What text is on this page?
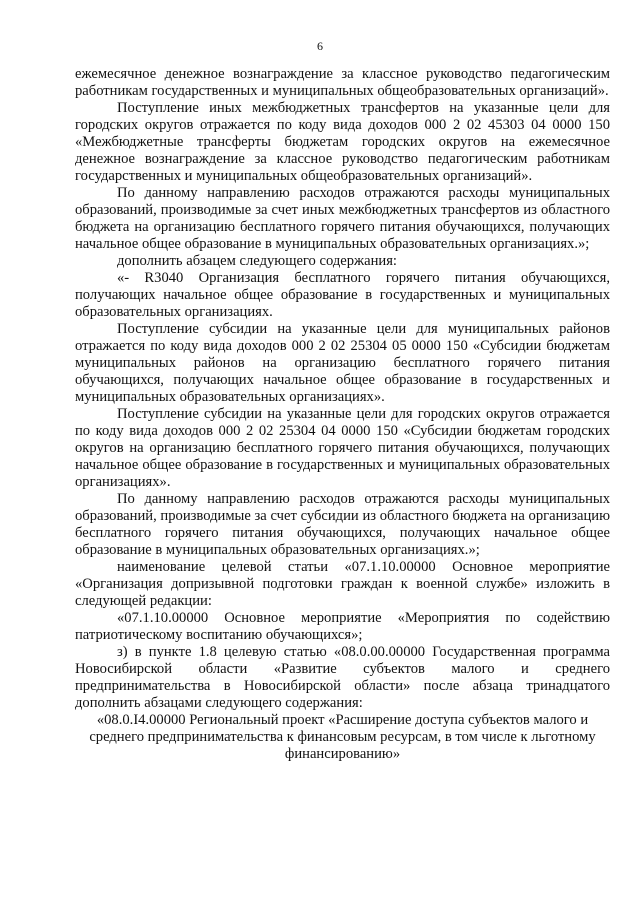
6

ежемесячное денежное вознаграждение за классное руководство педагогическим работникам государственных и муниципальных общеобразовательных организаций».

Поступление иных межбюджетных трансфертов на указанные цели для городских округов отражается по коду вида доходов 000 2 02 45303 04 0000 150 «Межбюджетные трансферты бюджетам городских округов на ежемесячное денежное вознаграждение за классное руководство педагогическим работникам государственных и муниципальных общеобразовательных организаций».

По данному направлению расходов отражаются расходы муниципальных образований, производимые за счет иных межбюджетных трансфертов из областного бюджета на организацию бесплатного горячего питания обучающихся, получающих начальное общее образование в муниципальных образовательных организациях.»;

дополнить абзацем следующего содержания:

«- R3040 Организация бесплатного горячего питания обучающихся, получающих начальное общее образование в государственных и муниципальных образовательных организациях.

Поступление субсидии на указанные цели для муниципальных районов отражается по коду вида доходов 000 2 02 25304 05 0000 150 «Субсидии бюджетам муниципальных районов на организацию бесплатного горячего питания обучающихся, получающих начальное общее образование в государственных и муниципальных образовательных организациях».

Поступление субсидии на указанные цели для городских округов отражается по коду вида доходов 000 2 02 25304 04 0000 150 «Субсидии бюджетам городских округов на организацию бесплатного горячего питания обучающихся, получающих начальное общее образование в государственных и муниципальных образовательных организациях».

По данному направлению расходов отражаются расходы муниципальных образований, производимые за счет субсидии из областного бюджета на организацию бесплатного горячего питания обучающихся, получающих начальное общее образование в муниципальных образовательных организациях.»;

наименование целевой статьи «07.1.10.00000 Основное мероприятие «Организация допризывной подготовки граждан к военной службе» изложить в следующей редакции:

«07.1.10.00000 Основное мероприятие «Мероприятия по содействию патриотическому воспитанию обучающихся»;

з) в пункте 1.8 целевую статью «08.0.00.00000 Государственная программа Новосибирской области «Развитие субъектов малого и среднего предпринимательства в Новосибирской области» после абзаца тринадцатого дополнить абзацами следующего содержания:

«08.0.I4.00000 Региональный проект «Расширение доступа субъектов малого и среднего предпринимательства к финансовым ресурсам, в том числе к льготному финансированию»
